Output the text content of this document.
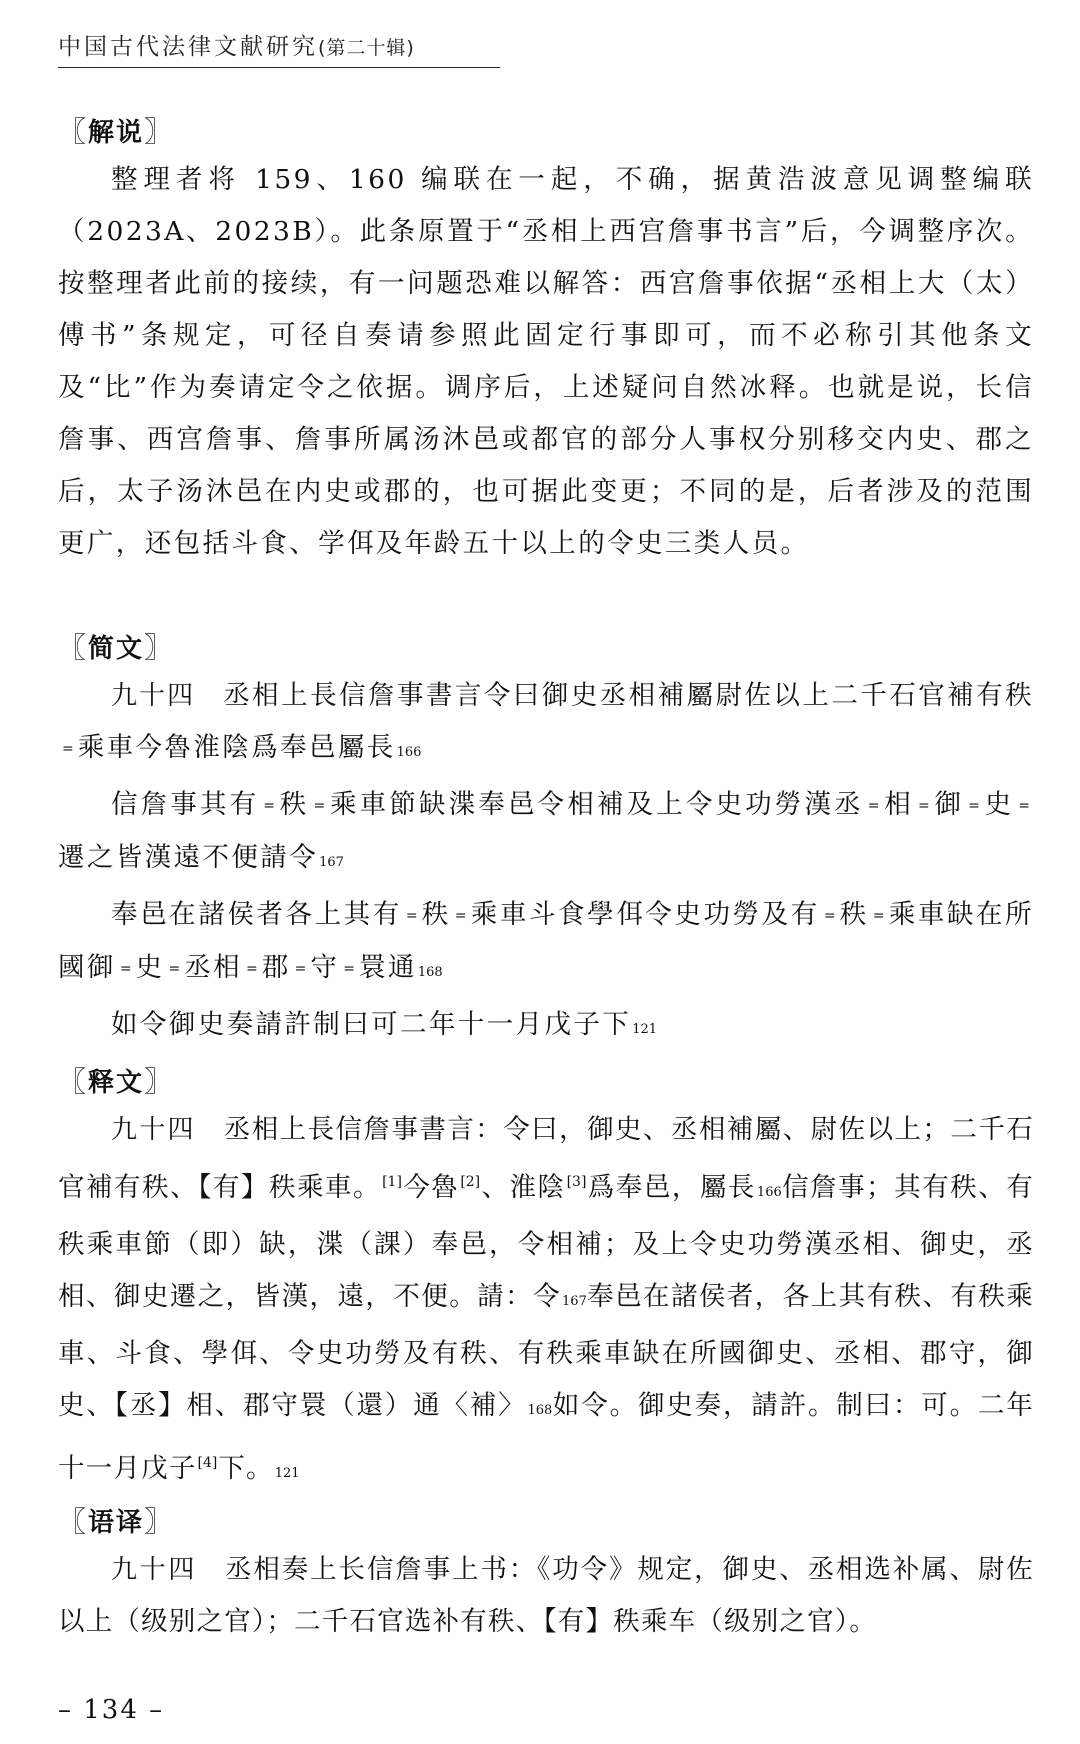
中国古代法律文献研究(第二十辑)
〖解说〗

整理者将 159、160 编联在一起，不确，据黄浩波意见调整编联（2023A、2023B）。此条原置于“丞相上西宫詹事书言”后，今调整序次。按整理者此前的接续，有一问题恐难以解答：西宫詹事依据“丞相上大（太）傅书”条规定，可径自奏请参照此固定行事即可，而不必称引其他条文及“比”作为奏请定令之依据。调序后，上述疑问自然冰释。也就是说，长信詹事、西宫詹事、詹事所属汤沐邑或都官的部分人事权分别移交内史、郡之后，太子汤沐邑在内史或郡的，也可据此变更；不同的是，后者涉及的范围更广，还包括斗食、学佴及年龄五十以上的令史三类人员。

〖简文〗

九十四 丞相上長信詹事書言令曰御史丞相補屬尉佐以上二千石官補有秩= 乘車今魯淮陰爲奉邑屬長166

信詹事其有 = 秩 = 乘車節缺渫奉邑令相補及上令史功勞漢丞 = 相 = 御 = 史 =遷之皆漢遠不便請令167

奉邑在諸侯者各上其有 = 秩 = 乘車斗食學佴令史功勞及有 = 秩 = 乘車缺在所國御 = 史 = 丞相 = 郡 = 守 = 睘通168

如令御史奏請許制曰可二年十一月戊子下121

〖释文〗

九十四 丞相上長信詹事書言：令曰，御史、丞相補屬、尉佐以上；二千石官補有秩、【有】秩乘車。[1]今魯[2]、淮陰[3]爲奉邑，屬長166信詹事；其有秩、有秩乘車節（即）缺，渫（課）奉邑，令相補；及上令史功勞漢丞相、御史，丞相、御史遷之，皆漢，遠，不便。請：令167奉邑在諸侯者，各上其有秩、有秩乘車、斗食、學佴、令史功勞及有秩、有秩乘車缺在所國御史、丞相、郡守，御史、【丞】相、郡守睘（還）通〈補〉168如令。御史奏，請許。制曰：可。二年十一月戊子[4]下。121

〖语译〗

九十四 丞相奏上长信詹事上书：《功令》规定，御史、丞相选补属、尉佐以上（级别之官）；二千石官选补有秩、【有】秩乘车（级别之官）。

– 134 –
